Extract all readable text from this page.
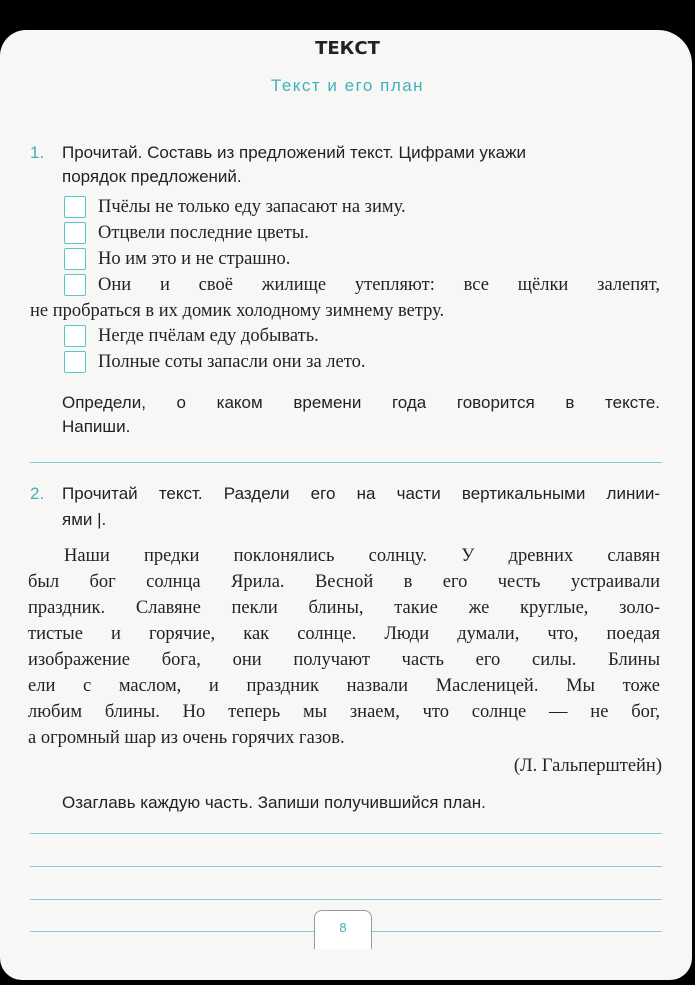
ТЕКСТ
Текст и его план
1. Прочитай. Составь из предложений текст. Цифрами укажи
порядок предложений.
Пчёлы не только еду запасают на зиму.
Отцвели последние цветы.
Но им это и не страшно.
Они и своё жилище утепляют: все щёлки залепят,
не пробраться в их домик холодному зимнему ветру.
Негде пчёлам еду добывать.
Полные соты запасли они за лето.
Определи, о каком времени года говорится в тексте.
Напиши.
2. Прочитай текст. Раздели его на части вертикальными линии-
ями |.
Наши предки поклонялись солнцу. У древних славян
был бог солнца Ярила. Весной в его честь устраивали
праздник. Славяне пекли блины, такие же круглые, золо-
тистые и горячие, как солнце. Люди думали, что, поедая
изображение бога, они получают часть его силы. Блины
ели с маслом, и праздник назвали Масленицей. Мы тоже
любим блины. Но теперь мы знаем, что солнце — не бог,
а огромный шар из очень горячих газов.
(Л. Гальперштейн)
Озаглавь каждую часть. Запиши получившийся план.
8
